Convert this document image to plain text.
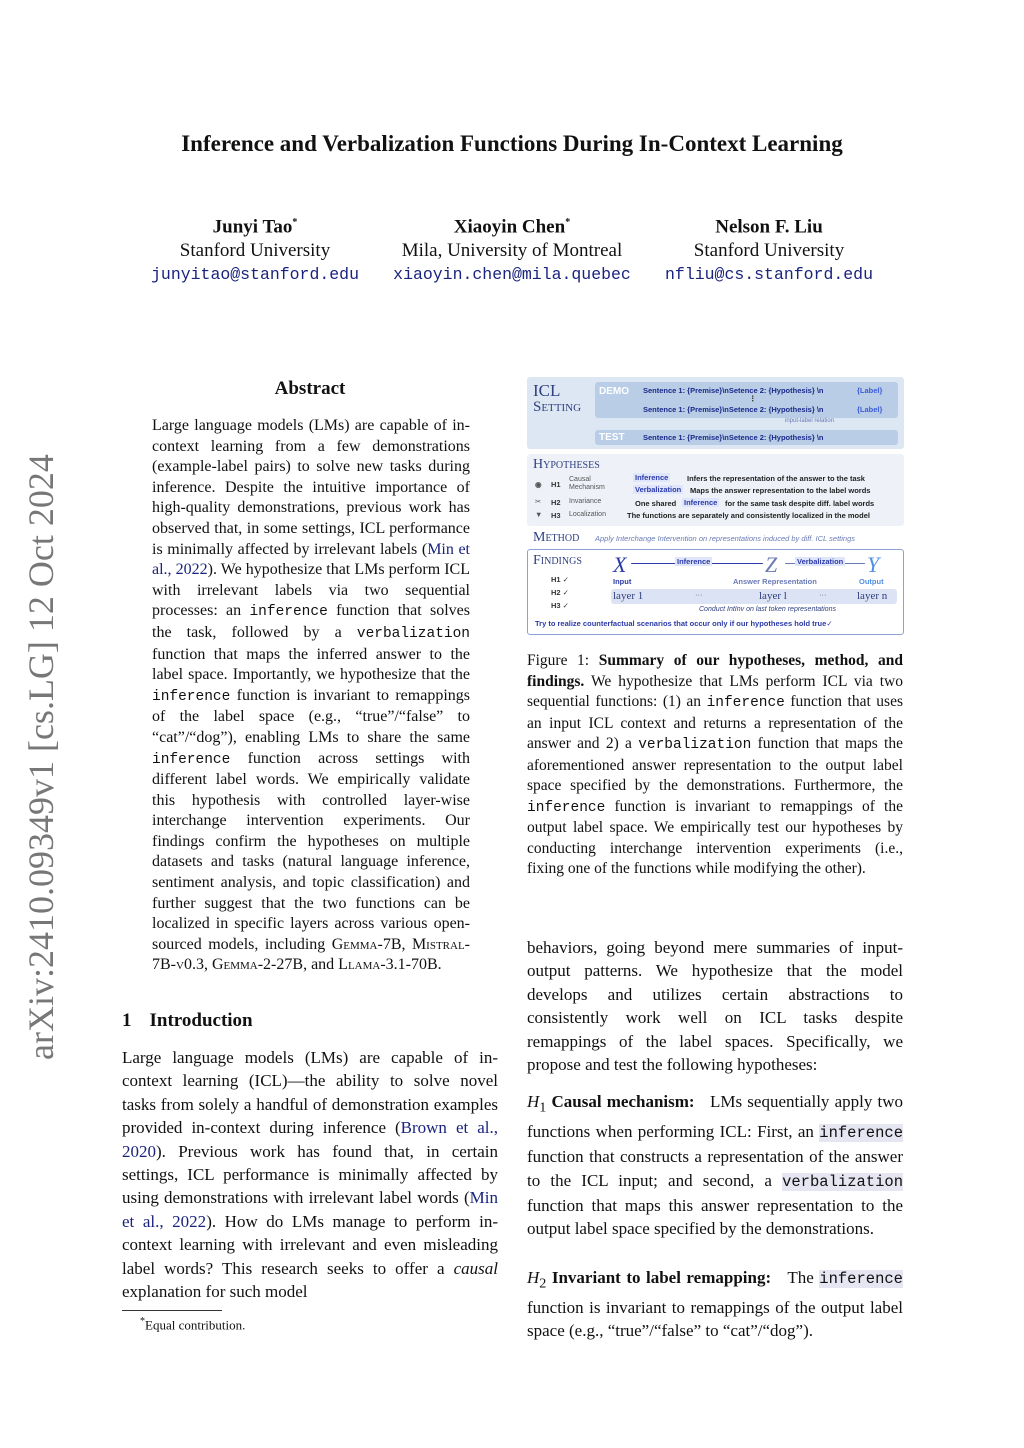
Inference and Verbalization Functions During In-Context Learning
Junyi Tao*
Stanford University
junyitao@stanford.edu
Xiaoyin Chen*
Mila, University of Montreal
xiaoyin.chen@mila.quebec
Nelson F. Liu
Stanford University
nfliu@cs.stanford.edu
arXiv:2410.09349v1 [cs.LG] 12 Oct 2024
Abstract
Large language models (LMs) are capable of in-context learning from a few demonstrations (example-label pairs) to solve new tasks during inference. Despite the intuitive importance of high-quality demonstrations, previous work has observed that, in some settings, ICL performance is minimally affected by irrelevant labels (Min et al., 2022). We hypothesize that LMs perform ICL with irrelevant labels via two sequential processes: an inference function that solves the task, followed by a verbalization function that maps the inferred answer to the label space. Importantly, we hypothesize that the inference function is invariant to remappings of the label space (e.g., “true”/“false” to “cat”/“dog”), enabling LMs to share the same inference function across settings with different label words. We empirically validate this hypothesis with controlled layer-wise interchange intervention experiments. Our findings confirm the hypotheses on multiple datasets and tasks (natural language inference, sentiment analysis, and topic classification) and further suggest that the two functions can be localized in specific layers across various open-sourced models, including Gemma-7B, Mistral-7B-v0.3, Gemma-2-27B, and Llama-3.1-70B.
1 Introduction
Large language models (LMs) are capable of in-context learning (ICL)—the ability to solve novel tasks from solely a handful of demonstration examples provided in-context during inference (Brown et al., 2020). Previous work has found that, in certain settings, ICL performance is minimally affected by using demonstrations with irrelevant label words (Min et al., 2022). How do LMs manage to perform in-context learning with irrelevant and even misleading label words? This research seeks to offer a causal explanation for such model
*Equal contribution.
ICL
Setting
DEMO Sentence 1: {Premise}\nSetence 2: {Hypothesis} \n	{Label}
⋮
Sentence 1: {Premise}\nSetence 2: {Hypothesis} \n	{Label}
input-label relation
TEST Sentence 1: {Premise}\nSetence 2: {Hypothesis} \n
Hypotheses
◉ H1
Causal Mechanism
✂ H2 Invariance
▼ H3 Localization
Inference Infers the representation of the answer to the task
Verbalization Maps the answer representation to the label words
One shared Inference for the same task despite diff. label words
The functions are separately and consistently localized in the model
Method Apply Interchange Intervention on representations induced by diff. ICL settings
Findings
H1 ✓
H2 ✓
H3 ✓
X
Input
Inference Z
Answer Representation
Verbalization Y
Output
layer 1	···	layer l	···	layer n
Conduct IntInv on last token representations
Try to realize counterfactual scenarios that occur only if our hypotheses hold true✓
Figure 1: Summary of our hypotheses, method, and findings. We hypothesize that LMs perform ICL via two sequential functions: (1) an inference function that uses an input ICL context and returns a representation of the answer and 2) a verbalization function that maps the aforementioned answer representation to the output label space specified by the demonstrations. Furthermore, the inference function is invariant to remappings of the output label space. We empirically test our hypotheses by conducting interchange intervention experiments (i.e., fixing one of the functions while modifying the other).
behaviors, going beyond mere summaries of input-output patterns. We hypothesize that the model develops and utilizes certain abstractions to consistently work well on ICL tasks despite remappings of the label spaces. Specifically, we propose and test the following hypotheses:
$H_1$ Causal mechanism: LMs sequentially apply two functions when performing ICL: First, an inference function that constructs a representation of the answer to the ICL input; and second, a verbalization function that maps this answer representation to the output label space specified by the demonstrations.
$H_2$ Invariant to label remapping: The inference function is invariant to remappings of the output label space (e.g., “true”/“false” to “cat”/“dog”).
